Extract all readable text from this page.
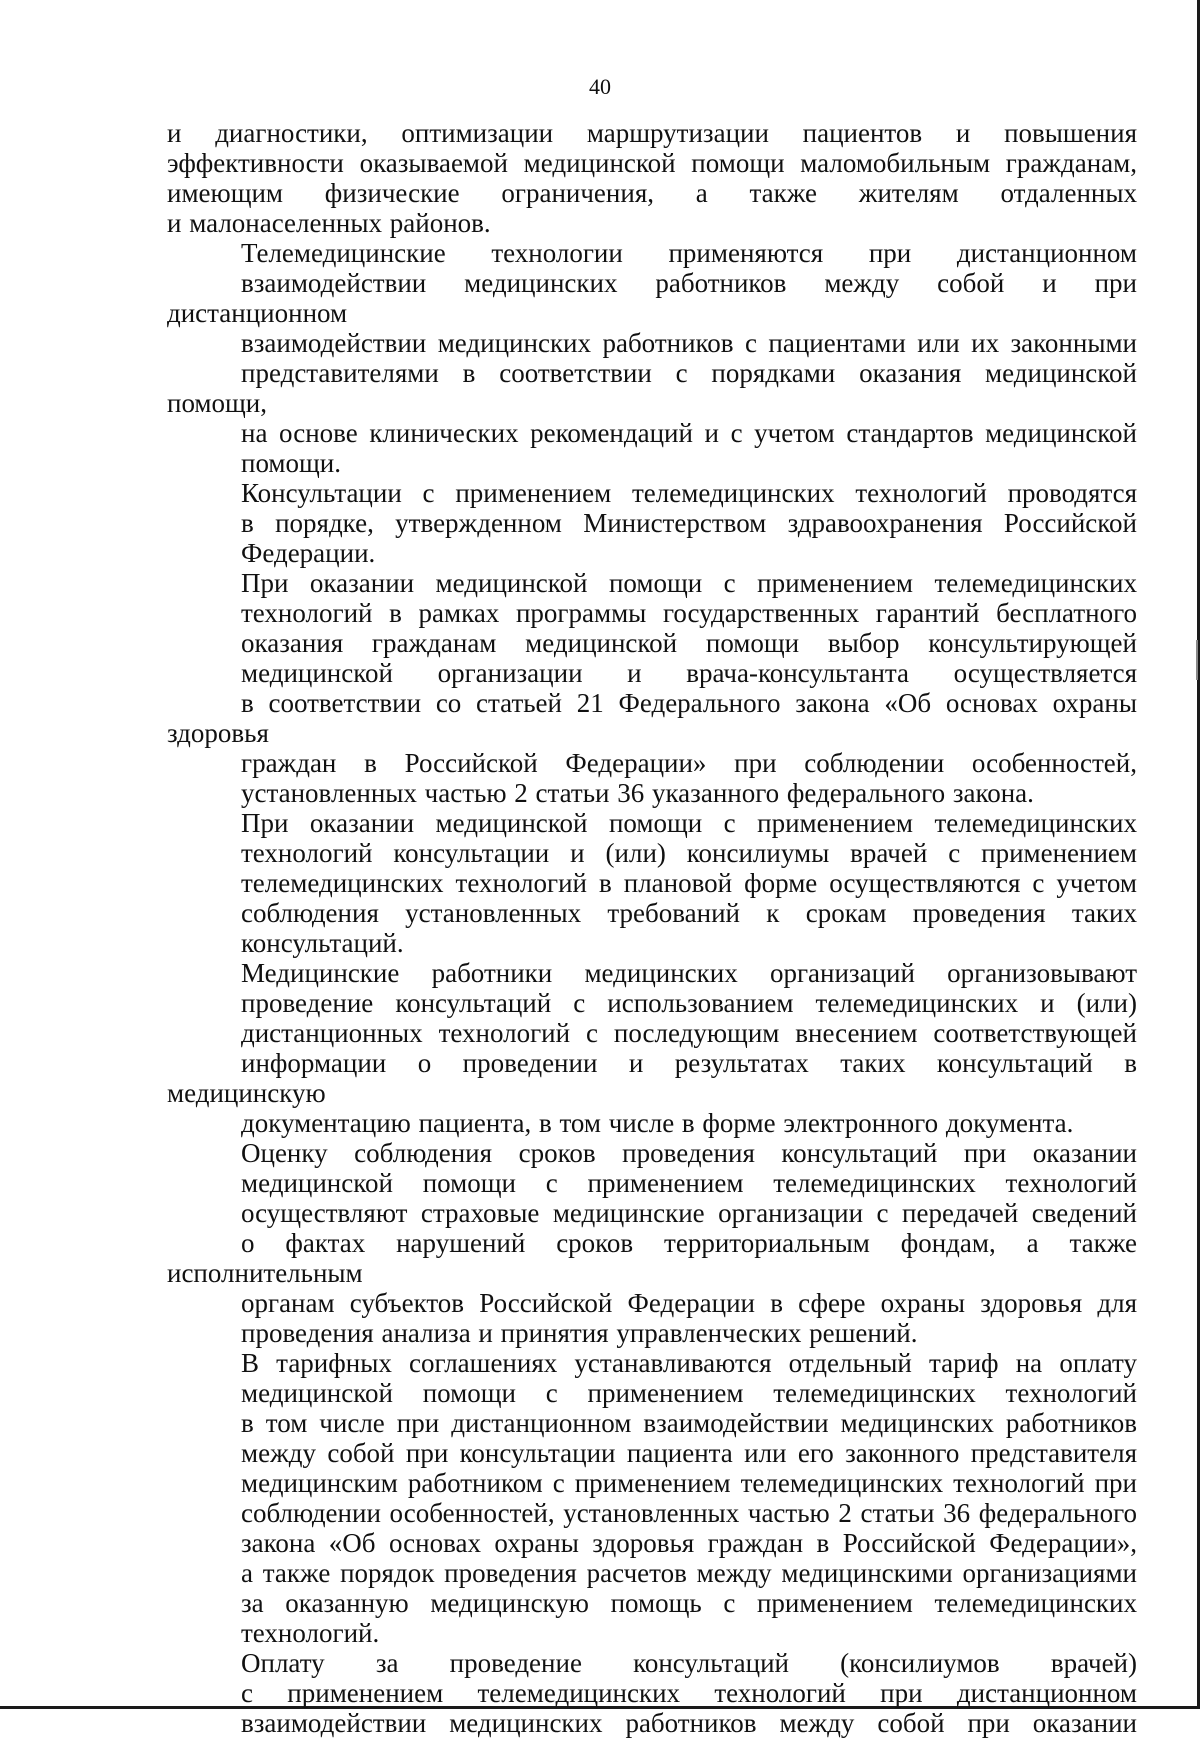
40

и диагностики, оптимизации маршрутизации пациентов и повышения
эффективности оказываемой медицинской помощи маломобильным гражданам,
имеющим физические ограничения, а также жителям отдаленных
и малонаселенных районов.

Телемедицинские технологии применяются при дистанционном
взаимодействии медицинских работников между собой и при дистанционном
взаимодействии медицинских работников с пациентами или их законными
представителями в соответствии с порядками оказания медицинской помощи,
на основе клинических рекомендаций и с учетом стандартов медицинской
помощи.

Консультации с применением телемедицинских технологий проводятся
в порядке, утвержденном Министерством здравоохранения Российской
Федерации.

При оказании медицинской помощи с применением телемедицинских
технологий в рамках программы государственных гарантий бесплатного
оказания гражданам медицинской помощи выбор консультирующей
медицинской организации и врача-консультанта осуществляется
в соответствии со статьей 21 Федерального закона «Об основах охраны здоровья
граждан в Российской Федерации» при соблюдении особенностей,
установленных частью 2 статьи 36 указанного федерального закона.

При оказании медицинской помощи с применением телемедицинских
технологий консультации и (или) консилиумы врачей с применением
телемедицинских технологий в плановой форме осуществляются с учетом
соблюдения установленных требований к срокам проведения таких
консультаций.

Медицинские работники медицинских организаций организовывают
проведение консультаций с использованием телемедицинских и (или)
дистанционных технологий с последующим внесением соответствующей
информации о проведении и результатах таких консультаций в медицинскую
документацию пациента, в том числе в форме электронного документа.

Оценку соблюдения сроков проведения консультаций при оказании
медицинской помощи с применением телемедицинских технологий
осуществляют страховые медицинские организации с передачей сведений
о фактах нарушений сроков территориальным фондам, а также исполнительным
органам субъектов Российской Федерации в сфере охраны здоровья для
проведения анализа и принятия управленческих решений.

В тарифных соглашениях устанавливаются отдельный тариф на оплату
медицинской помощи с применением телемедицинских технологий
в том числе при дистанционном взаимодействии медицинских работников
между собой при консультации пациента или его законного представителя
медицинским работником с применением телемедицинских технологий при
соблюдении особенностей, установленных частью 2 статьи 36 федерального
закона «Об основах охраны здоровья граждан в Российской Федерации»,
а также порядок проведения расчетов между медицинскими организациями
за оказанную медицинскую помощь с применением телемедицинских
технологий.

Оплату за проведение консультаций (консилиумов врачей)
с применением телемедицинских технологий при дистанционном
взаимодействии медицинских работников между собой при оказании
